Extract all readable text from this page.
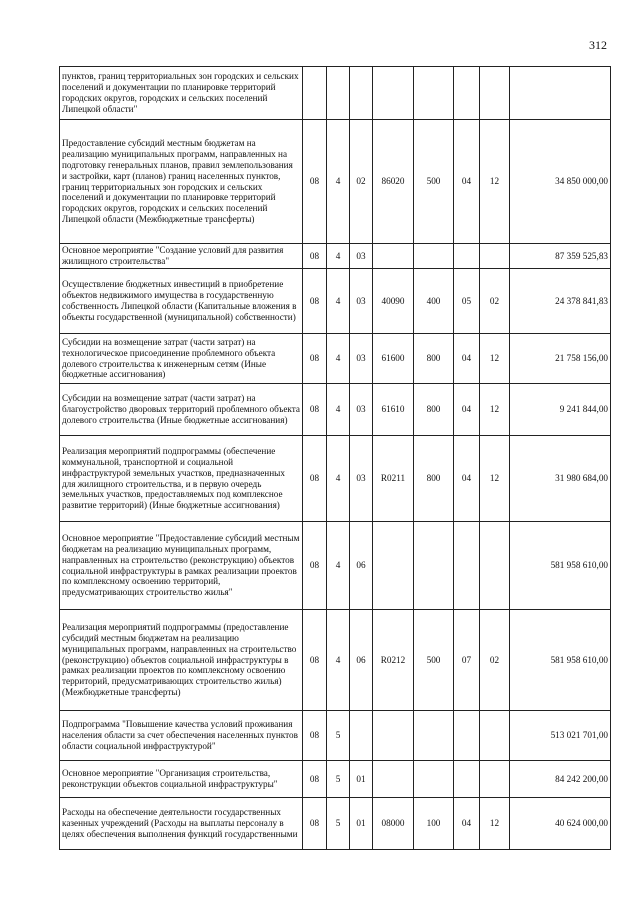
312
пунктов, границ территориальных зон городских и сельских поселений и документации по планировке территорий городских округов, городских и сельских поселений Липецкой области"								
Предоставление субсидий местным бюджетам на реализацию муниципальных программ, направленных на подготовку генеральных планов, правил землепользования и застройки, карт (планов) границ населенных пунктов, границ территориальных зон городских и сельских поселений и документации по планировке территорий городских округов, городских и сельских поселений Липецкой области (Межбюджетные трансферты)	08	4	02	86020	500	04	12	34 850 000,00
Основное мероприятие "Создание условий для развития жилищного строительства"	08	4	03					87 359 525,83
Осуществление бюджетных инвестиций в приобретение объектов недвижимого имущества в государственную собственность Липецкой области (Капитальные вложения в объекты государственной (муниципальной) собственности)	08	4	03	40090	400	05	02	24 378 841,83
Субсидии на возмещение затрат (части затрат) на технологическое присоединение проблемного объекта долевого строительства к инженерным сетям (Иные бюджетные ассигнования)	08	4	03	61600	800	04	12	21 758 156,00
Субсидии на возмещение затрат (части затрат) на благоустройство дворовых территорий проблемного объекта долевого строительства (Иные бюджетные ассигнования)	08	4	03	61610	800	04	12	9 241 844,00
Реализация мероприятий подпрограммы (обеспечение коммунальной, транспортной и социальной инфраструктурой земельных участков, предназначенных для жилищного строительства, и в первую очередь земельных участков, предоставляемых под комплексное развитие территорий) (Иные бюджетные ассигнования)	08	4	03	R0211	800	04	12	31 980 684,00
Основное мероприятие "Предоставление субсидий местным бюджетам на реализацию муниципальных программ, направленных на строительство (реконструкцию) объектов социальной инфраструктуры в рамках реализации проектов по комплексному освоению территорий, предусматривающих строительство жилья"	08	4	06					581 958 610,00
Реализация мероприятий подпрограммы (предоставление субсидий местным бюджетам на реализацию муниципальных программ, направленных на строительство (реконструкцию) объектов социальной инфраструктуры в рамках реализации проектов по комплексному освоению территорий, предусматривающих строительство жилья) (Межбюджетные трансферты)	08	4	06	R0212	500	07	02	581 958 610,00
Подпрограмма "Повышение качества условий проживания населения области за счет обеспечения населенных пунктов области социальной инфраструктурой"	08	5						513 021 701,00
Основное мероприятие "Организация строительства, реконструкции объектов социальной инфраструктуры"	08	5	01					84 242 200,00
Расходы на обеспечение деятельности государственных казенных учреждений (Расходы на выплаты персоналу в целях обеспечения выполнения функций государственными	08	5	01	08000	100	04	12	40 624 000,00
